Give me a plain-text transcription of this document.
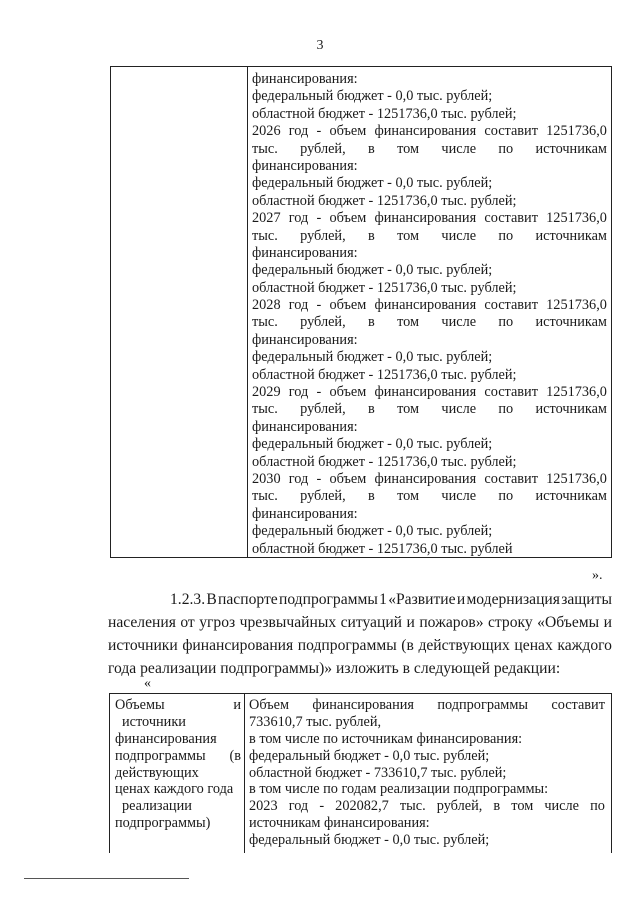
3
финансирования:
федеральный бюджет - 0,0 тыс. рублей;
областной бюджет - 1251736,0 тыс. рублей;
2026 год - объем финансирования составит 1251736,0
тыс. рублей, в том числе по источникам
финансирования:
федеральный бюджет - 0,0 тыс. рублей;
областной бюджет - 1251736,0 тыс. рублей;
2027 год - объем финансирования составит 1251736,0
тыс. рублей, в том числе по источникам
финансирования:
федеральный бюджет - 0,0 тыс. рублей;
областной бюджет - 1251736,0 тыс. рублей;
2028 год - объем финансирования составит 1251736,0
тыс. рублей, в том числе по источникам
финансирования:
федеральный бюджет - 0,0 тыс. рублей;
областной бюджет - 1251736,0 тыс. рублей;
2029 год - объем финансирования составит 1251736,0
тыс. рублей, в том числе по источникам
финансирования:
федеральный бюджет - 0,0 тыс. рублей;
областной бюджет - 1251736,0 тыс. рублей;
2030 год - объем финансирования составит 1251736,0
тыс. рублей, в том числе по источникам
финансирования:
федеральный бюджет - 0,0 тыс. рублей;
областной бюджет - 1251736,0 тыс. рублей
».
1.2.3. В паспорте подпрограммы 1 «Развитие и модернизация защиты
населения от угроз чрезвычайных ситуаций и пожаров» строку «Объемы и
источники финансирования подпрограммы (в действующих ценах каждого
года реализации подпрограммы)» изложить в следующей редакции:
«
Объемы	и
источники
финансирования
подпрограммы (в
действующих
ценах каждого года
реализации
подпрограммы)
Объем финансирования подпрограммы составит
733610,7 тыс. рублей,
в том числе по источникам финансирования:
федеральный бюджет - 0,0 тыс. рублей;
областной бюджет - 733610,7 тыс. рублей;
в том числе по годам реализации подпрограммы:
2023 год - 202082,7 тыс. рублей, в том числе по
источникам финансирования:
федеральный бюджет - 0,0 тыс. рублей;
